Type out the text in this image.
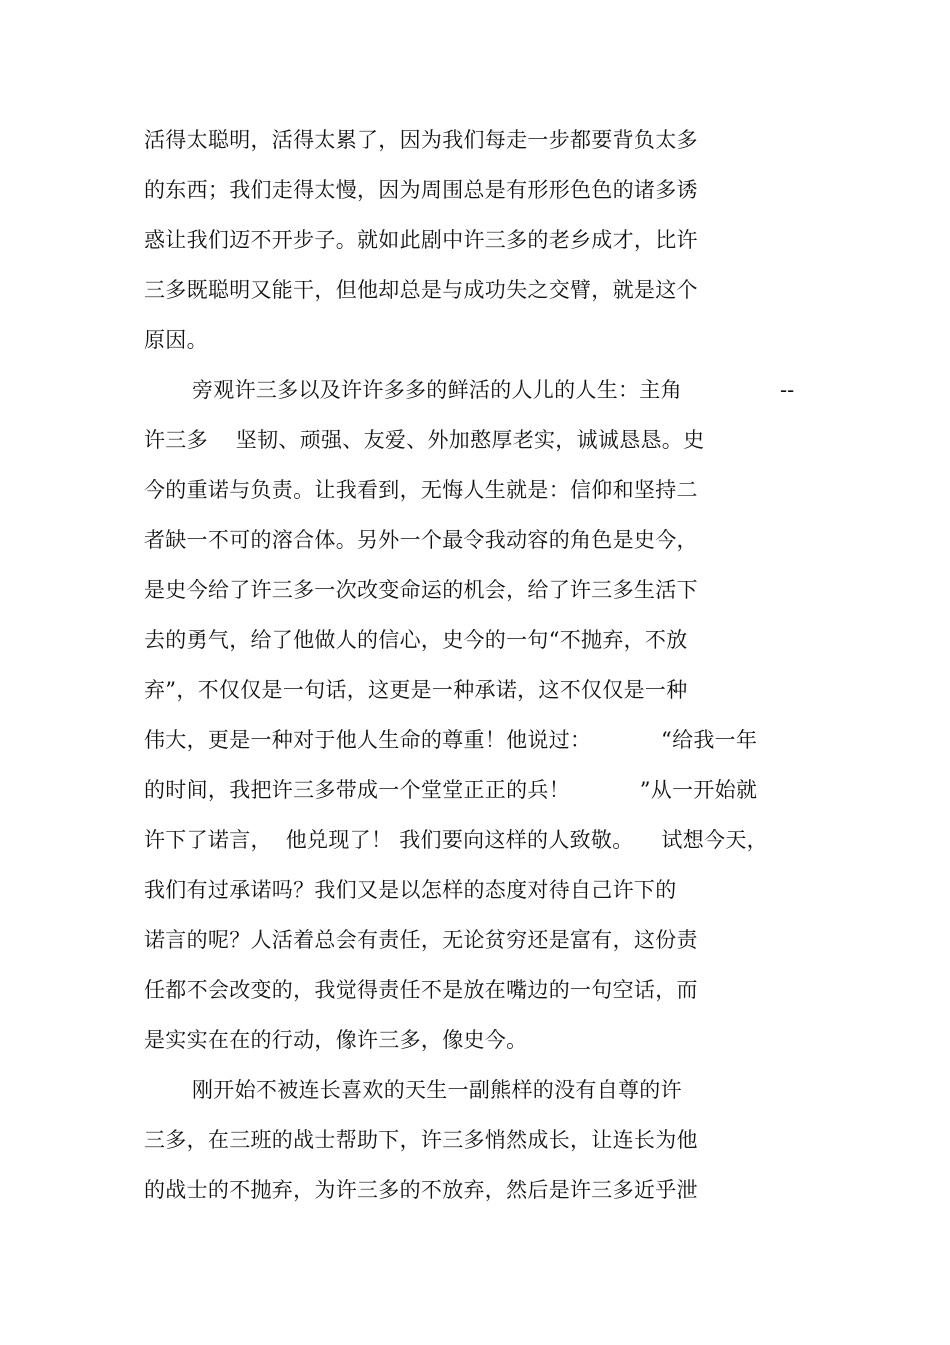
活得太聪明，活得太累了，因为我们每走一步都要背负太多
的东西；我们走得太慢，因为周围总是有形形色色的诸多诱
惑让我们迈不开步子。就如此剧中许三多的老乡成才，比许
三多既聪明又能干，但他却总是与成功失之交臂，就是这个
原因。
旁观许三多以及许许多多的鲜活的人儿的人生：主角	--
许三多    坚韧、顽强、友爱、外加憨厚老实，诚诚恳恳。史
今的重诺与负责。让我看到，无悔人生就是：信仰和坚持二
者缺一不可的溶合体。另外一个最令我动容的角色是史今，
是史今给了许三多一次改变命运的机会，给了许三多生活下
去的勇气，给了他做人的信心，史今的一句“不抛弃，不放
弃”，不仅仅是一句话，这更是一种承诺，这不仅仅是一种
伟大，更是一种对于他人生命的尊重！他说过：          “给我一年
的时间，我把许三多带成一个堂堂正正的兵！          ”从一开始就
许下了诺言，  他兑现了！ 我们要向这样的人致敬。    试想今天，
我们有过承诺吗？我们又是以怎样的态度对待自己许下的
诺言的呢？人活着总会有责任，无论贫穷还是富有，这份责
任都不会改变的，我觉得责任不是放在嘴边的一句空话，而
是实实在在的行动，像许三多，像史今。
刚开始不被连长喜欢的天生一副熊样的没有自尊的许
三多，在三班的战士帮助下，许三多悄然成长，让连长为他
的战士的不抛弃，为许三多的不放弃，然后是许三多近乎泄
